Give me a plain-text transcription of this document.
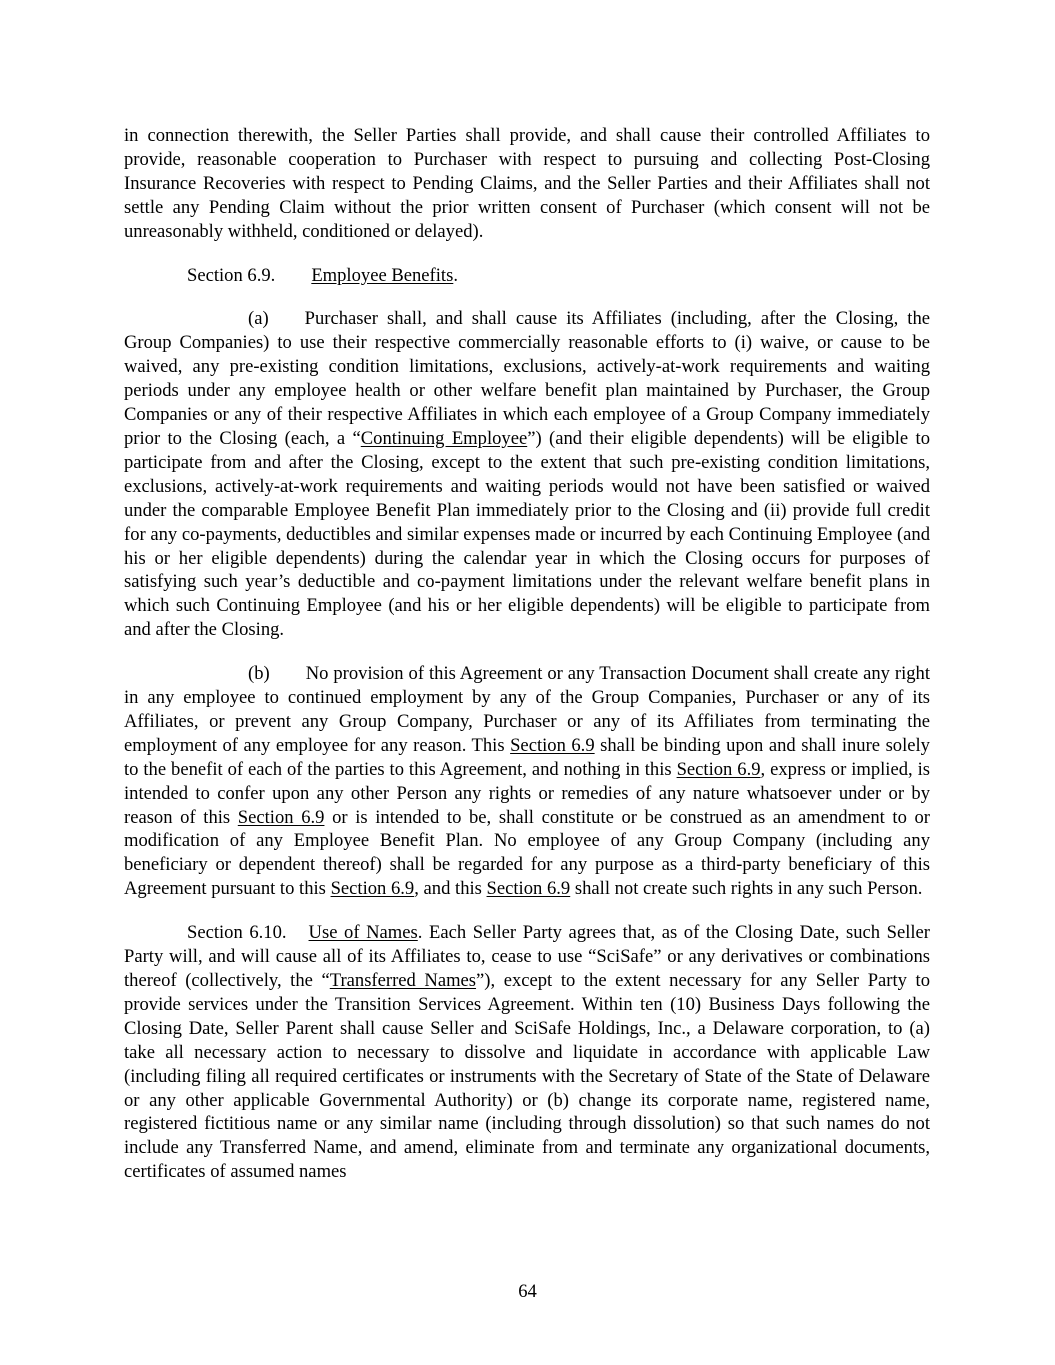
in connection therewith, the Seller Parties shall provide, and shall cause their controlled Affiliates to provide, reasonable cooperation to Purchaser with respect to pursuing and collecting Post-Closing Insurance Recoveries with respect to Pending Claims, and the Seller Parties and their Affiliates shall not settle any Pending Claim without the prior written consent of Purchaser (which consent will not be unreasonably withheld, conditioned or delayed).

Section 6.9. Employee Benefits.

(a) Purchaser shall, and shall cause its Affiliates (including, after the Closing, the Group Companies) to use their respective commercially reasonable efforts to (i) waive, or cause to be waived, any pre-existing condition limitations, exclusions, actively-at-work requirements and waiting periods under any employee health or other welfare benefit plan maintained by Purchaser, the Group Companies or any of their respective Affiliates in which each employee of a Group Company immediately prior to the Closing (each, a “Continuing Employee”) (and their eligible dependents) will be eligible to participate from and after the Closing, except to the extent that such pre-existing condition limitations, exclusions, actively-at-work requirements and waiting periods would not have been satisfied or waived under the comparable Employee Benefit Plan immediately prior to the Closing and (ii) provide full credit for any co-payments, deductibles and similar expenses made or incurred by each Continuing Employee (and his or her eligible dependents) during the calendar year in which the Closing occurs for purposes of satisfying such year’s deductible and co-payment limitations under the relevant welfare benefit plans in which such Continuing Employee (and his or her eligible dependents) will be eligible to participate from and after the Closing.

(b) No provision of this Agreement or any Transaction Document shall create any right in any employee to continued employment by any of the Group Companies, Purchaser or any of its Affiliates, or prevent any Group Company, Purchaser or any of its Affiliates from terminating the employment of any employee for any reason. This Section 6.9 shall be binding upon and shall inure solely to the benefit of each of the parties to this Agreement, and nothing in this Section 6.9, express or implied, is intended to confer upon any other Person any rights or remedies of any nature whatsoever under or by reason of this Section 6.9 or is intended to be, shall constitute or be construed as an amendment to or modification of any Employee Benefit Plan. No employee of any Group Company (including any beneficiary or dependent thereof) shall be regarded for any purpose as a third-party beneficiary of this Agreement pursuant to this Section 6.9, and this Section 6.9 shall not create such rights in any such Person.

Section 6.10. Use of Names. Each Seller Party agrees that, as of the Closing Date, such Seller Party will, and will cause all of its Affiliates to, cease to use “SciSafe” or any derivatives or combinations thereof (collectively, the “Transferred Names”), except to the extent necessary for any Seller Party to provide services under the Transition Services Agreement. Within ten (10) Business Days following the Closing Date, Seller Parent shall cause Seller and SciSafe Holdings, Inc., a Delaware corporation, to (a) take all necessary action to necessary to dissolve and liquidate in accordance with applicable Law (including filing all required certificates or instruments with the Secretary of State of the State of Delaware or any other applicable Governmental Authority) or (b) change its corporate name, registered name, registered fictitious name or any similar name (including through dissolution) so that such names do not include any Transferred Name, and amend, eliminate from and terminate any organizational documents, certificates of assumed names

64
